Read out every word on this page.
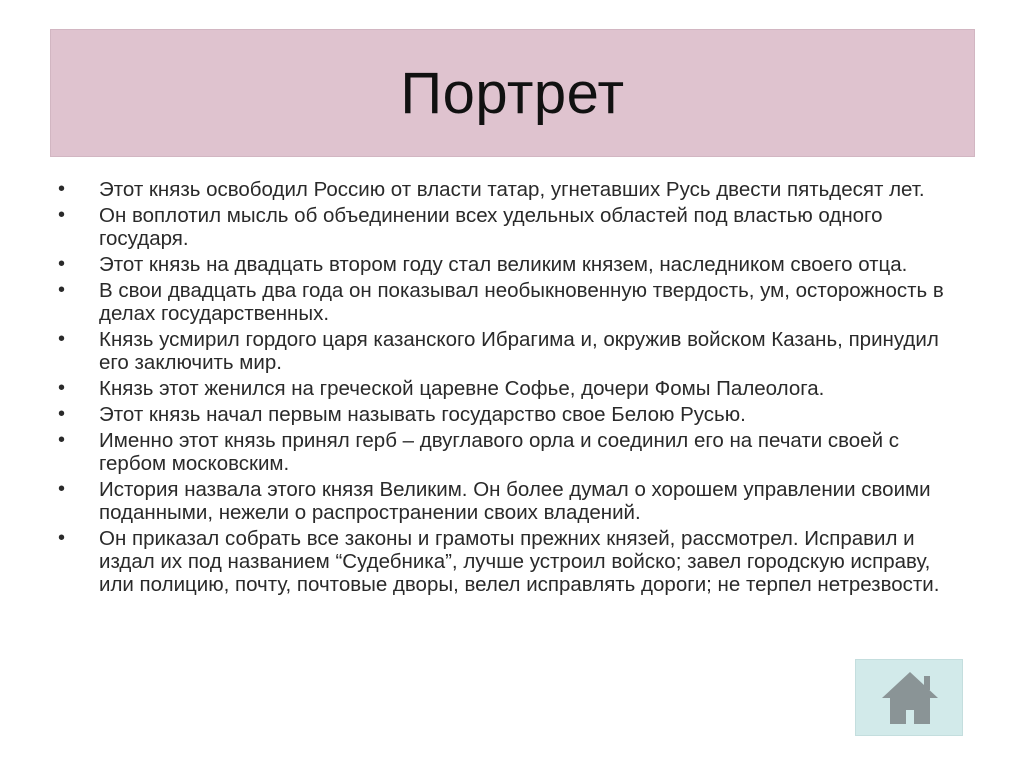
Портрет
•	Этот князь освободил Россию от власти татар, угнетавших Русь двести пятьдесят лет.
•	Он воплотил мысль об объединении всех удельных областей под властью одного государя.
•	Этот князь на двадцать втором году стал великим князем, наследником своего отца.
•	В свои двадцать два года он показывал необыкновенную твердость, ум, осторожность в делах государственных.
•	Князь усмирил гордого царя казанского Ибрагима и, окружив войском Казань, принудил его заключить мир.
•	Князь этот женился на греческой царевне Софье, дочери Фомы Палеолога.
•	Этот князь начал первым называть государство свое Белою Русью.
•	Именно этот князь принял герб – двуглавого орла и соединил его на печати своей с гербом московским.
•	История назвала этого князя Великим. Он более думал о хорошем управлении своими поданными, нежели о распространении своих владений.
•	Он приказал собрать все законы и грамоты прежних князей, рассмотрел. Исправил и издал их под названием “Судебника”, лучше устроил войско; завел городскую исправу, или полицию, почту, почтовые дворы, велел исправлять дороги; не терпел нетрезвости.
